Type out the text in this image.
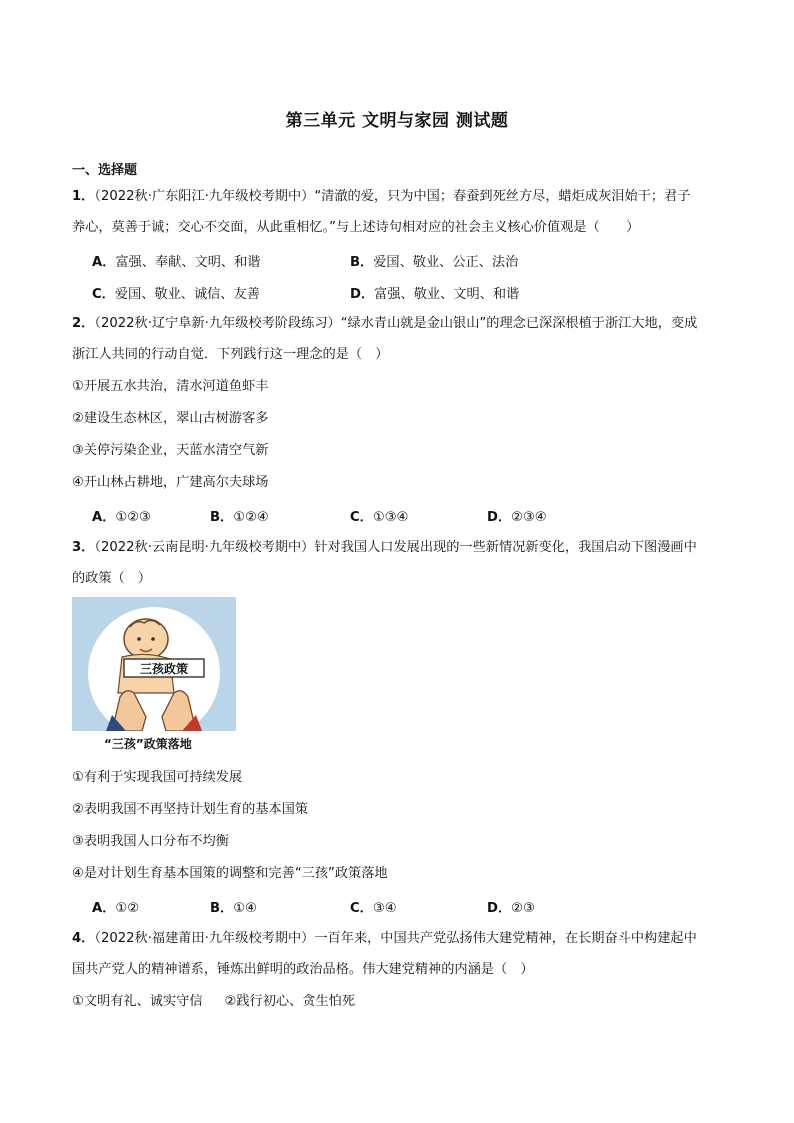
第三单元 文明与家园 测试题
一、选择题
1．（2022秋·广东阳江·九年级校考期中）“清澈的爱，只为中国；春蚕到死丝方尽，蜡炬成灰泪始干；君子
养心，莫善于诚；交心不交面，从此重相忆。”与上述诗句相对应的社会主义核心价值观是（　　）
A．富强、奉献、文明、和谐	B．爱国、敬业、公正、法治
C．爱国、敬业、诚信、友善	D．富强、敬业、文明、和谐
2．（2022秋·辽宁阜新·九年级校考阶段练习）“绿水青山就是金山银山”的理念已深深根植于浙江大地，变成
浙江人共同的行动自觉．下列践行这一理念的是（　）
①开展五水共治，清水河道鱼虾丰
②建设生态林区，翠山古树游客多
③关停污染企业，天蓝水清空气新
④开山林占耕地，广建高尔夫球场
A．①②③	B．①②④	C．①③④	D．②③④
3．（2022秋·云南昆明·九年级校考期中）针对我国人口发展出现的一些新情况新变化，我国启动下图漫画中
的政策（　）
三孩政策
“三孩”政策落地
①有利于实现我国可持续发展
②表明我国不再坚持计划生育的基本国策
③表明我国人口分布不均衡
④是对计划生育基本国策的调整和完善“三孩”政策落地
A．①②	B．①④	C．③④	D．②③
4．（2022秋·福建莆田·九年级校考期中）一百年来，中国共产党弘扬伟大建党精神，在长期奋斗中构建起中
国共产党人的精神谱系，锤炼出鲜明的政治品格。伟大建党精神的内涵是（　）
①文明有礼、诚实守信 ②践行初心、贪生怕死
